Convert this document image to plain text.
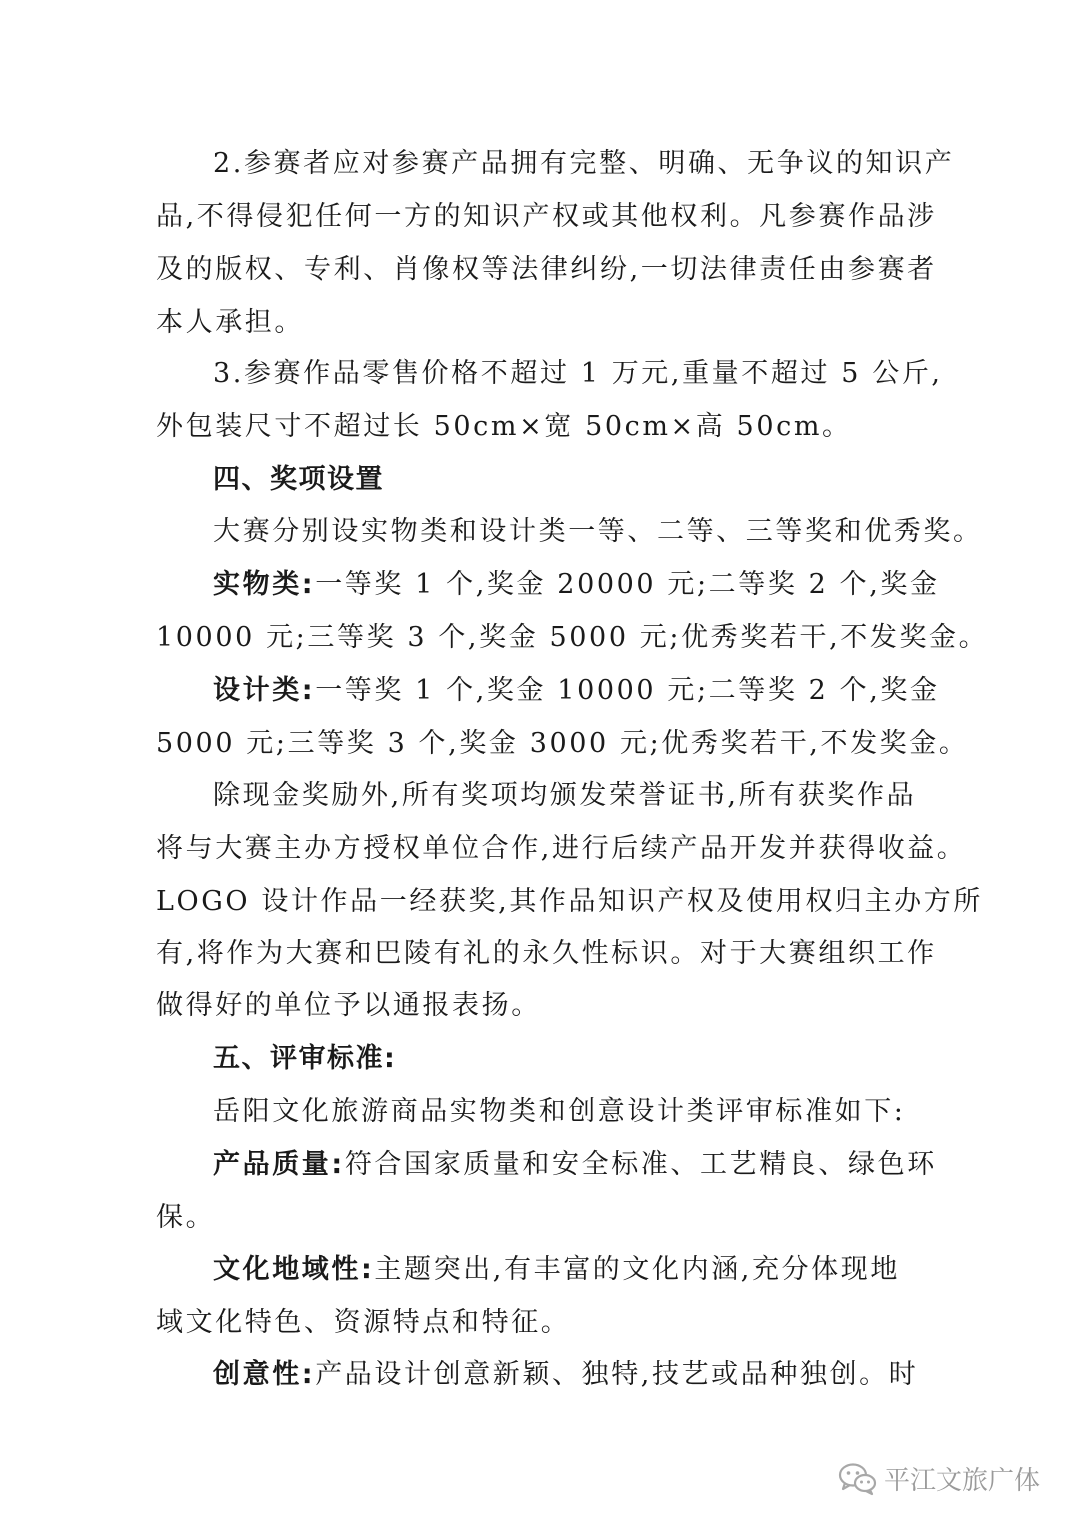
2.参赛者应对参赛产品拥有完整、明确、无争议的知识产
品,不得侵犯任何一方的知识产权或其他权利。凡参赛作品涉
及的版权、专利、肖像权等法律纠纷,一切法律责任由参赛者
本人承担。
3.参赛作品零售价格不超过 1 万元,重量不超过 5 公斤,
外包装尺寸不超过长 50cm×宽 50cm×高 50cm。
四、奖项设置
大赛分别设实物类和设计类一等、二等、三等奖和优秀奖。
实物类:一等奖 1 个,奖金 20000 元;二等奖 2 个,奖金
10000 元;三等奖 3 个,奖金 5000 元;优秀奖若干,不发奖金。
设计类:一等奖 1 个,奖金 10000 元;二等奖 2 个,奖金
5000 元;三等奖 3 个,奖金 3000 元;优秀奖若干,不发奖金。
除现金奖励外,所有奖项均颁发荣誉证书,所有获奖作品
将与大赛主办方授权单位合作,进行后续产品开发并获得收益。
LOGO 设计作品一经获奖,其作品知识产权及使用权归主办方所
有,将作为大赛和巴陵有礼的永久性标识。对于大赛组织工作
做得好的单位予以通报表扬。
五、评审标准:
岳阳文化旅游商品实物类和创意设计类评审标准如下:
产品质量:符合国家质量和安全标准、工艺精良、绿色环
保。
文化地域性:主题突出,有丰富的文化内涵,充分体现地
域文化特色、资源特点和特征。
创意性:产品设计创意新颖、独特,技艺或品种独创。时
平江文旅广体
